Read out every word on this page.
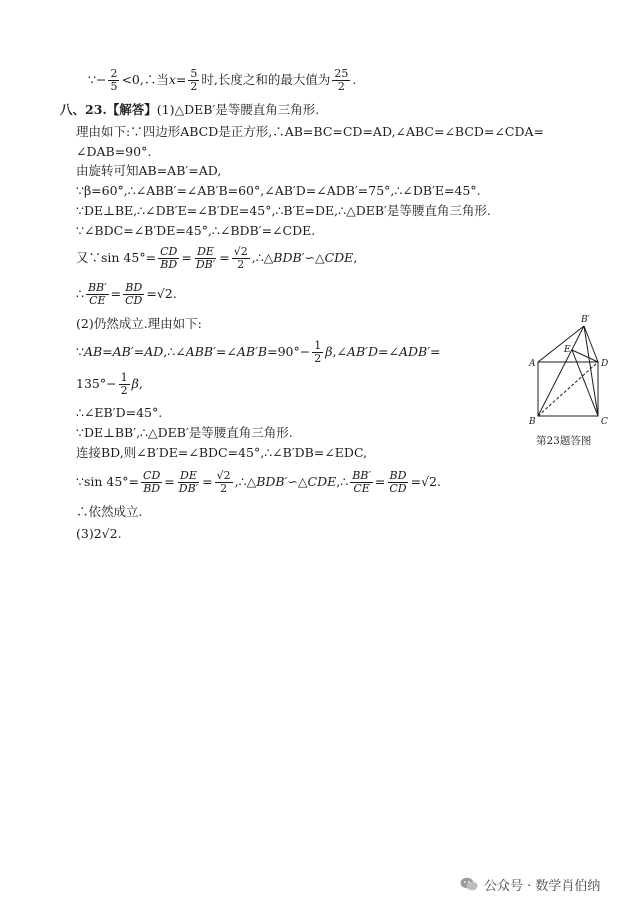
∵− $\frac{2}{5}$ <0,∴当$x= \frac{5}{2}$ 时,长度之和的最大值为 $\frac{25}{2}$ .
八、23.【解答】(1)△DEB′是等腰直角三角形.
理由如下:∵四边形ABCD是正方形,∴AB=BC=CD=AD,∠ABC=∠BCD=∠CDA=
∠DAB=90°.
由旋转可知AB=AB′=AD,
∵β=60°,∴∠ABB′=∠AB′B=60°,∠AB′D=∠ADB′=75°,∴∠DB′E=45°.
∵DE⊥BE,∴∠DB′E=∠B′DE=45°,∴B′E=DE,∴△DEB′是等腰直角三角形.
∵∠BDC=∠B′DE=45°,∴∠BDB′=∠CDE.
又∵sin $45^\circ= \frac{CD}{BD} = \frac{DE}{DB'} = \frac{√2}{2}$ ,∴△BDB′∽△CDE,
∴ $\frac{BB'}{CE} = \frac{BD}{CD} =√2$.
(2)仍然成立.理由如下:
∵AB=AB′=AD,∴∠ABB′=∠AB′B=90°− $\frac{1}{2}$ β,∠AB′D=∠ADB′=
$135^\circ- \frac{1}{2} \beta$,
∴∠EB′D=45°.
∵DE⊥BB′,∴△DEB′是等腰直角三角形.
连接BD,则∠B′DE=∠BDC=45°,∴∠B′DB=∠EDC,
∵sin $45^\circ= \frac{CD}{BD} = \frac{DE}{DB'} = \frac{√2}{2}$ ,∴△BDB′∽△CDE,∴ $\frac{BB'}{CE} = \frac{BD}{CD} =√2$.
∴依然成立.
(3)2√2.
B′
A
E
D
B	C
第23题答图
公众号 · 数学肖伯纳
